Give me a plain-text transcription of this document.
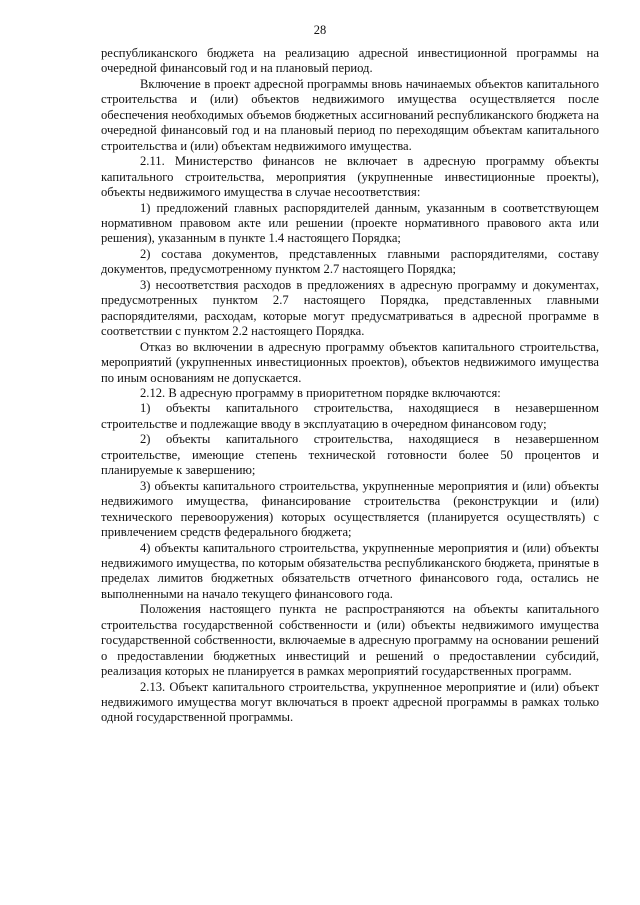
28

республиканского бюджета на реализацию адресной инвестиционной программы на очередной финансовый год и на плановый период.

Включение в проект адресной программы вновь начинаемых объектов капитального строительства и (или) объектов недвижимого имущества осуществляется после обеспечения необходимых объемов бюджетных ассигнований республиканского бюджета на очередной финансовый год и на плановый период по переходящим объектам капитального строительства и (или) объектам недвижимого имущества.

2.11. Министерство финансов не включает в адресную программу объекты капитального строительства, мероприятия (укрупненные инвестиционные проекты), объекты недвижимого имущества в случае несоответствия:

1) предложений главных распорядителей данным, указанным в соответствующем нормативном правовом акте или решении (проекте нормативного правового акта или решения), указанным в пункте 1.4 настоящего Порядка;

2) состава документов, представленных главными распорядителями, составу документов, предусмотренному пунктом 2.7 настоящего Порядка;

3) несоответствия расходов в предложениях в адресную программу и документах, предусмотренных пунктом 2.7 настоящего Порядка, представленных главными распорядителями, расходам, которые могут предусматриваться в адресной программе в соответствии с пунктом 2.2 настоящего Порядка.

Отказ во включении в адресную программу объектов капитального строительства, мероприятий (укрупненных инвестиционных проектов), объектов недвижимого имущества по иным основаниям не допускается.

2.12. В адресную программу в приоритетном порядке включаются:

1) объекты капитального строительства, находящиеся в незавершенном строительстве и подлежащие вводу в эксплуатацию в очередном финансовом году;

2) объекты капитального строительства, находящиеся в незавершенном строительстве, имеющие степень технической готовности более 50 процентов и планируемые к завершению;

3) объекты капитального строительства, укрупненные мероприятия и (или) объекты недвижимого имущества, финансирование строительства (реконструкции и (или) технического перевооружения) которых осуществляется (планируется осуществлять) с привлечением средств федерального бюджета;

4) объекты капитального строительства, укрупненные мероприятия и (или) объекты недвижимого имущества, по которым обязательства республиканского бюджета, принятые в пределах лимитов бюджетных обязательств отчетного финансового года, остались не выполненными на начало текущего финансового года.

Положения настоящего пункта не распространяются на объекты капитального строительства государственной собственности и (или) объекты недвижимого имущества государственной собственности, включаемые в адресную программу на основании решений о предоставлении бюджетных инвестиций и решений о предоставлении субсидий, реализация которых не планируется в рамках мероприятий государственных программ.

2.13. Объект капитального строительства, укрупненное мероприятие и (или) объект недвижимого имущества могут включаться в проект адресной программы в рамках только одной государственной программы.
